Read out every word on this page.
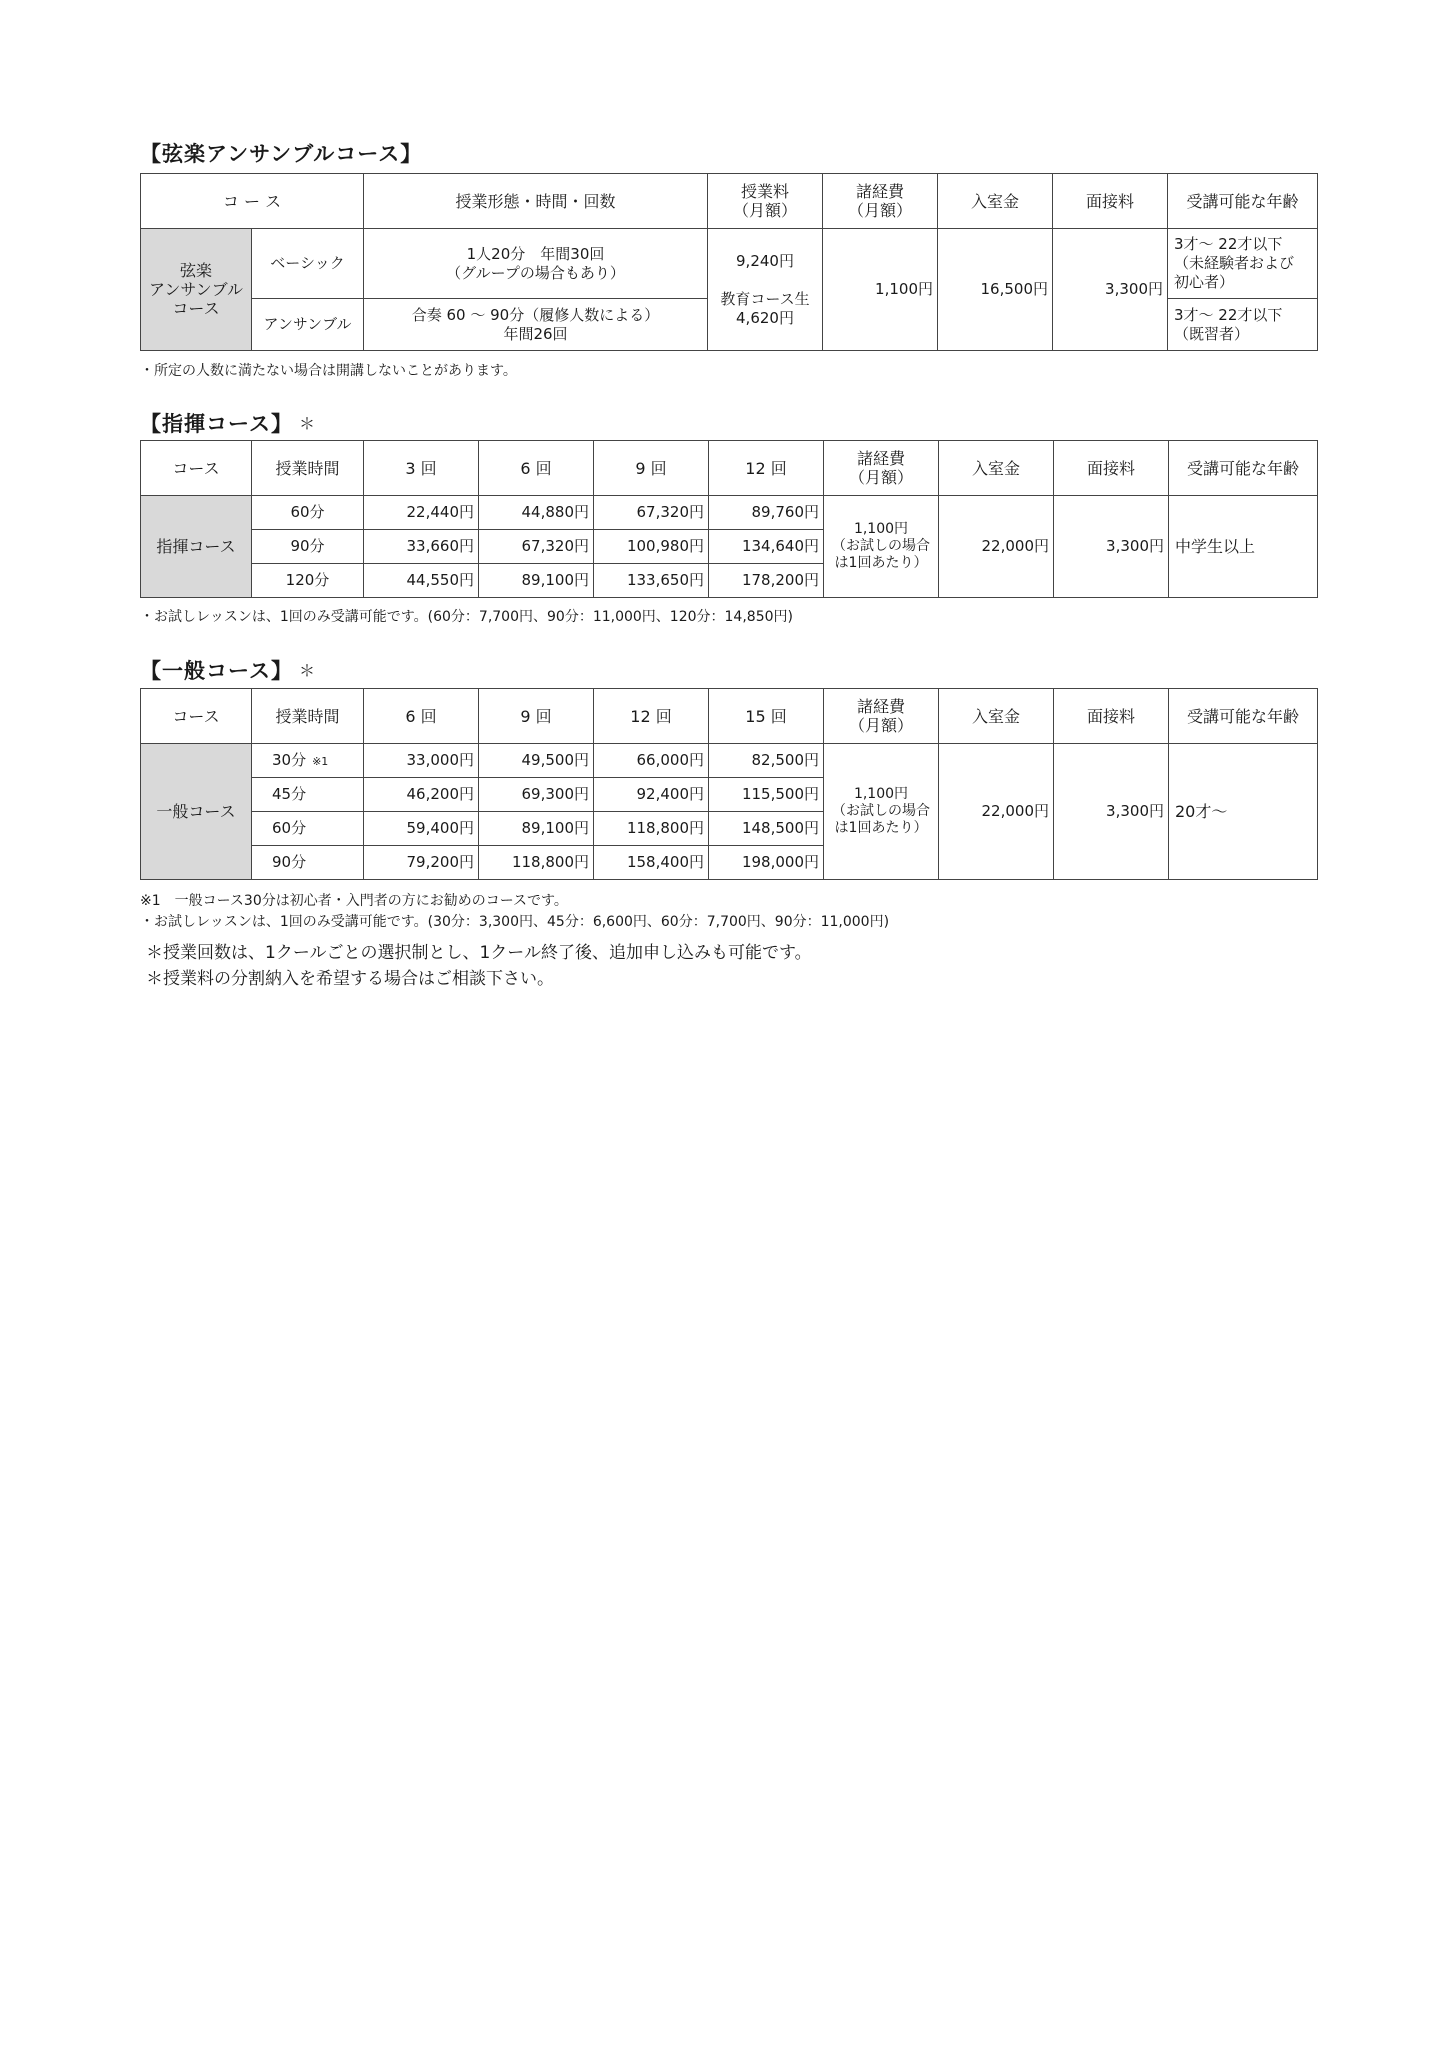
【弦楽アンサンブルコース】
コ ー ス		授業形態・時間・回数	授業料
（月額）	諸経費
（月額）	入室金	面接料	受講可能な年齢
弦楽
アンサンブル
コース	ベーシック	1人20分　年間30回
（グループの場合もあり）	9,240円

教育コース生
4,620円	1,100円	16,500円	3,300円	3才～ 22才以下
（未経験者および
初心者）
	アンサンブル	合奏 60 ～ 90分（履修人数による）
年間26回					3才～ 22才以下
（既習者）
・所定の人数に満たない場合は開講しないことがあります。
【指揮コース】 ＊
コース	授業時間	3 回	6 回	9 回	12 回	諸経費
（月額）	入室金	面接料	受講可能な年齢
指揮コース	60分	22,440円	44,880円	67,320円	89,760円	1,100円
（お試しの場合
は1回あたり）	22,000円	3,300円	中学生以上
	90分	33,660円	67,320円	100,980円	134,640円				
	120分	44,550円	89,100円	133,650円	178,200円				
・お試しレッスンは、1回のみ受講可能です。(60分：7,700円、90分：11,000円、120分：14,850円)
【一般コース】 ＊
コース	授業時間	6 回	9 回	12 回	15 回	諸経費
（月額）	入室金	面接料	受講可能な年齢
一般コース	30分 ※1	33,000円	49,500円	66,000円	82,500円	1,100円
（お試しの場合
は1回あたり）	22,000円	3,300円	20才～
	45分	46,200円	69,300円	92,400円	115,500円				
	60分	59,400円	89,100円	118,800円	148,500円				
	90分	79,200円	118,800円	158,400円	198,000円				
※1　一般コース30分は初心者・入門者の方にお勧めのコースです。
・お試しレッスンは、1回のみ受講可能です。(30分：3,300円、45分：6,600円、60分：7,700円、90分：11,000円)
＊授業回数は、1クールごとの選択制とし、1クール終了後、追加申し込みも可能です。
＊授業料の分割納入を希望する場合はご相談下さい。
